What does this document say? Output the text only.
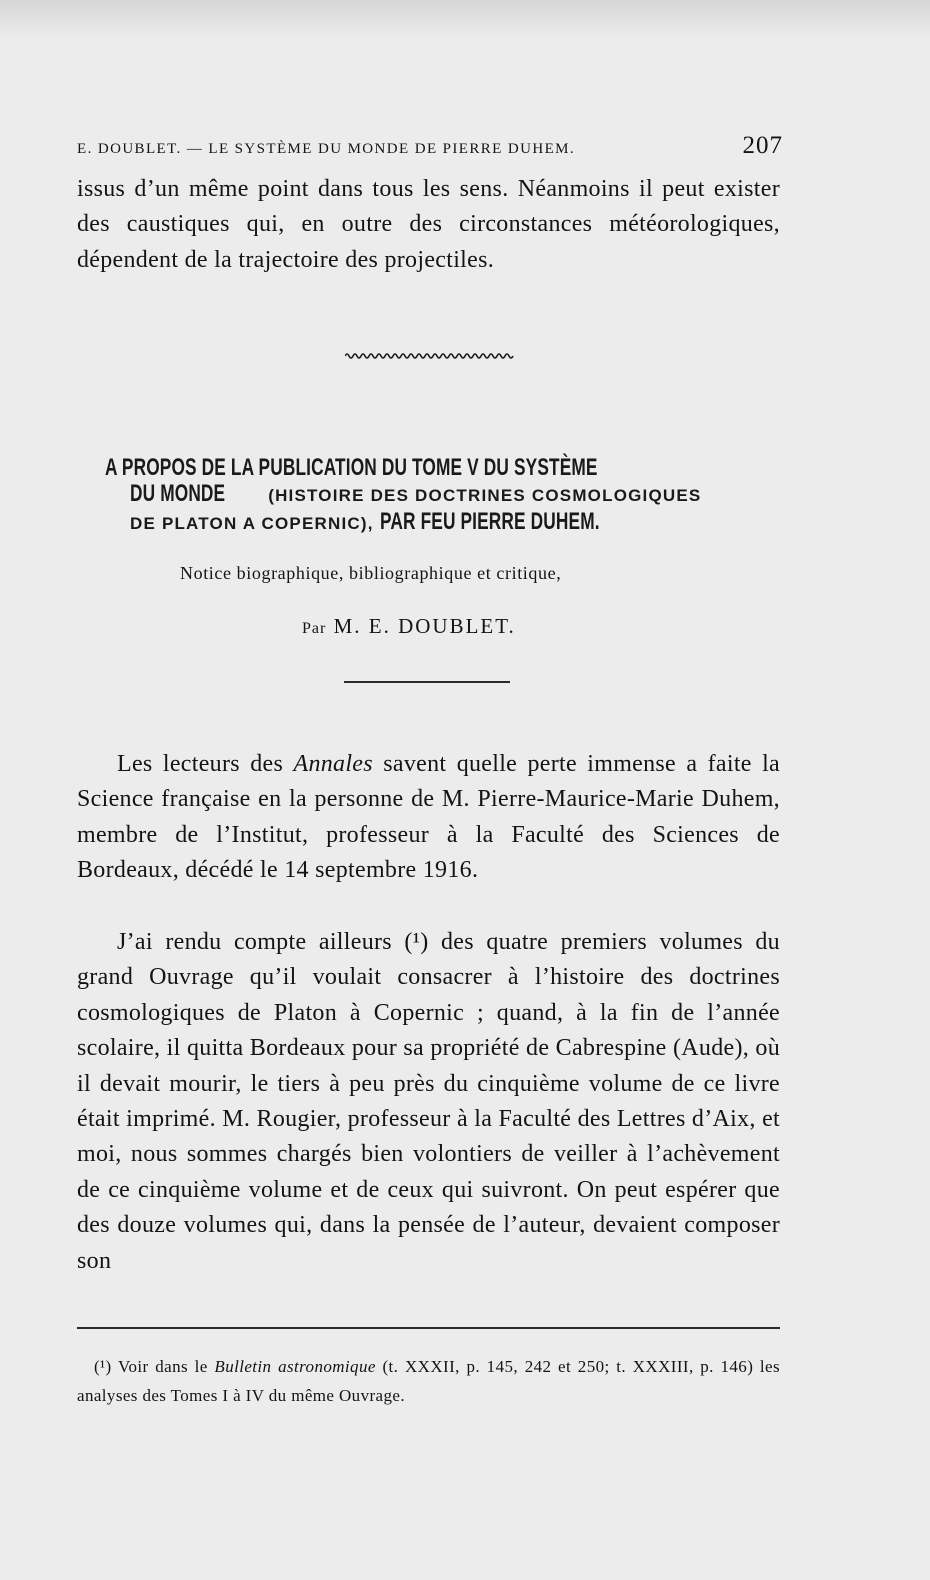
E. DOUBLET. — LE SYSTÈME DU MONDE DE PIERRE DUHEM.	207

issus d’un même point dans tous les sens. Néanmoins il peut exister des caustiques qui, en outre des circonstances météorologiques, dépendent de la trajectoire des projectiles.

A PROPOS DE LA PUBLICATION DU TOME V DU SYSTÈME
DU MONDE	(HISTOIRE DES DOCTRINES COSMOLOGIQUES
DE PLATON A COPERNIC), PAR FEU PIERRE DUHEM.
Notice biographique, bibliographique et critique,
Par M. E. DOUBLET.

Les lecteurs des Annales savent quelle perte immense a faite la Science française en la personne de M. Pierre-Maurice-Marie Duhem, membre de l’Institut, professeur à la Faculté des Sciences de Bordeaux, décédé le 14 septembre 1916.

J’ai rendu compte ailleurs (¹) des quatre premiers volumes du grand Ouvrage qu’il voulait consacrer à l’histoire des doctrines cosmologiques de Platon à Copernic ; quand, à la fin de l’année scolaire, il quitta Bordeaux pour sa propriété de Cabrespine (Aude), où il devait mourir, le tiers à peu près du cinquième volume de ce livre était imprimé. M. Rougier, professeur à la Faculté des Lettres d’Aix, et moi, nous sommes chargés bien volontiers de veiller à l’achèvement de ce cinquième volume et de ceux qui suivront. On peut espérer que des douze volumes qui, dans la pensée de l’auteur, devaient composer son

(¹) Voir dans le Bulletin astronomique (t. XXXII, p. 145, 242 et 250; t. XXXIII, p. 146) les analyses des Tomes I à IV du même Ouvrage.
